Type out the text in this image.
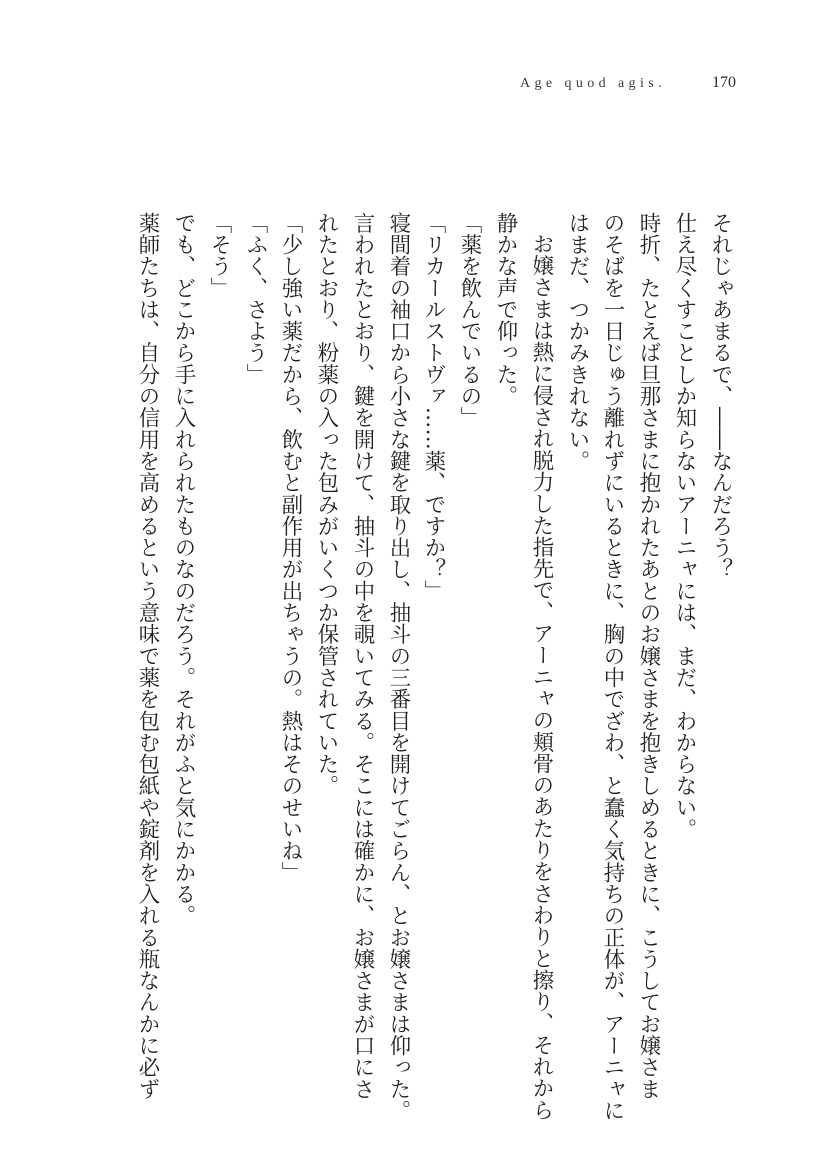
Age quod agis.	170
それじゃあまるで、――なんだろう？
仕え尽くすことしか知らないアーニャには、まだ、わからない。
時折、たとえば旦那さまに抱かれたあとのお嬢さまを抱きしめるときに、こうしてお嬢さま
のそばを一日じゅう離れずにいるときに、胸の中でざわ、と蠢く気持ちの正体が、アーニャに
はまだ、つかみきれない。
お嬢さまは熱に侵され脱力した指先で、アーニャの頬骨のあたりをさわりと擦り、それから
静かな声で仰った。
「薬を飲んでいるの」
「リカールストヴァ……薬、ですか？」
寝間着の袖口から小さな鍵を取り出し、抽斗の三番目を開けてごらん、とお嬢さまは仰った。
言われたとおり、鍵を開けて、抽斗の中を覗いてみる。そこには確かに、お嬢さまが口にさ
れたとおり、粉薬の入った包みがいくつか保管されていた。
「少し強い薬だから、飲むと副作用が出ちゃうの。熱はそのせいね」
「ふく、さよう」
「そう」
でも、どこから手に入れられたものなのだろう。それがふと気にかかる。
薬師たちは、自分の信用を高めるという意味で薬を包む包紙や錠剤を入れる瓶なんかに必ず
